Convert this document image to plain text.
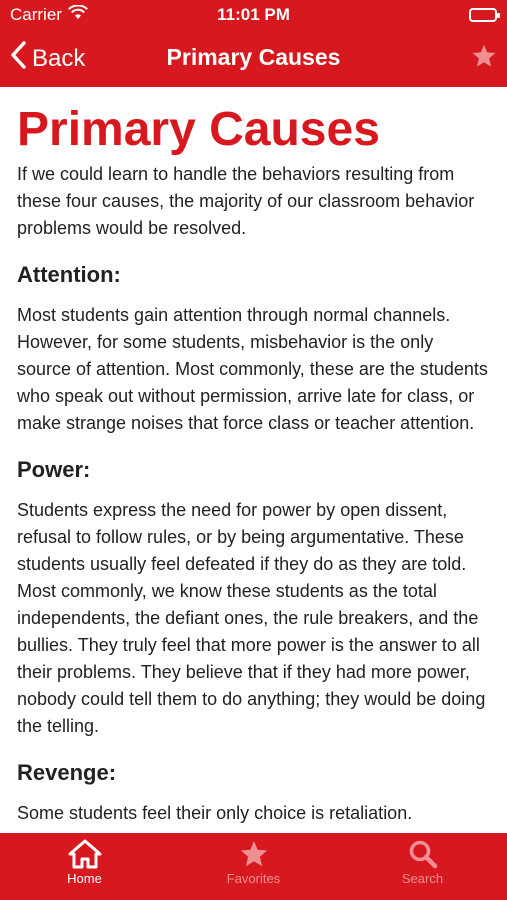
Carrier	11:01 PM
Back	Primary Causes
Primary Causes

If we could learn to handle the behaviors resulting from these four causes, the majority of our classroom behavior problems would be resolved.

Attention:

Most students gain attention through normal channels. However, for some students, misbehavior is the only source of attention. Most commonly, these are the students who speak out without permission, arrive late for class, or make strange noises that force class or teacher attention.

Power:

Students express the need for power by open dissent, refusal to follow rules, or by being argumentative. These students usually feel defeated if they do as they are told. Most commonly, we know these students as the total independents, the defiant ones, the rule breakers, and the bullies. They truly feel that more power is the answer to all their problems. They believe that if they had more power, nobody could tell them to do anything; they would be doing the telling.

Revenge:

Some students feel their only choice is retaliation.

Home	Favorites	Search
